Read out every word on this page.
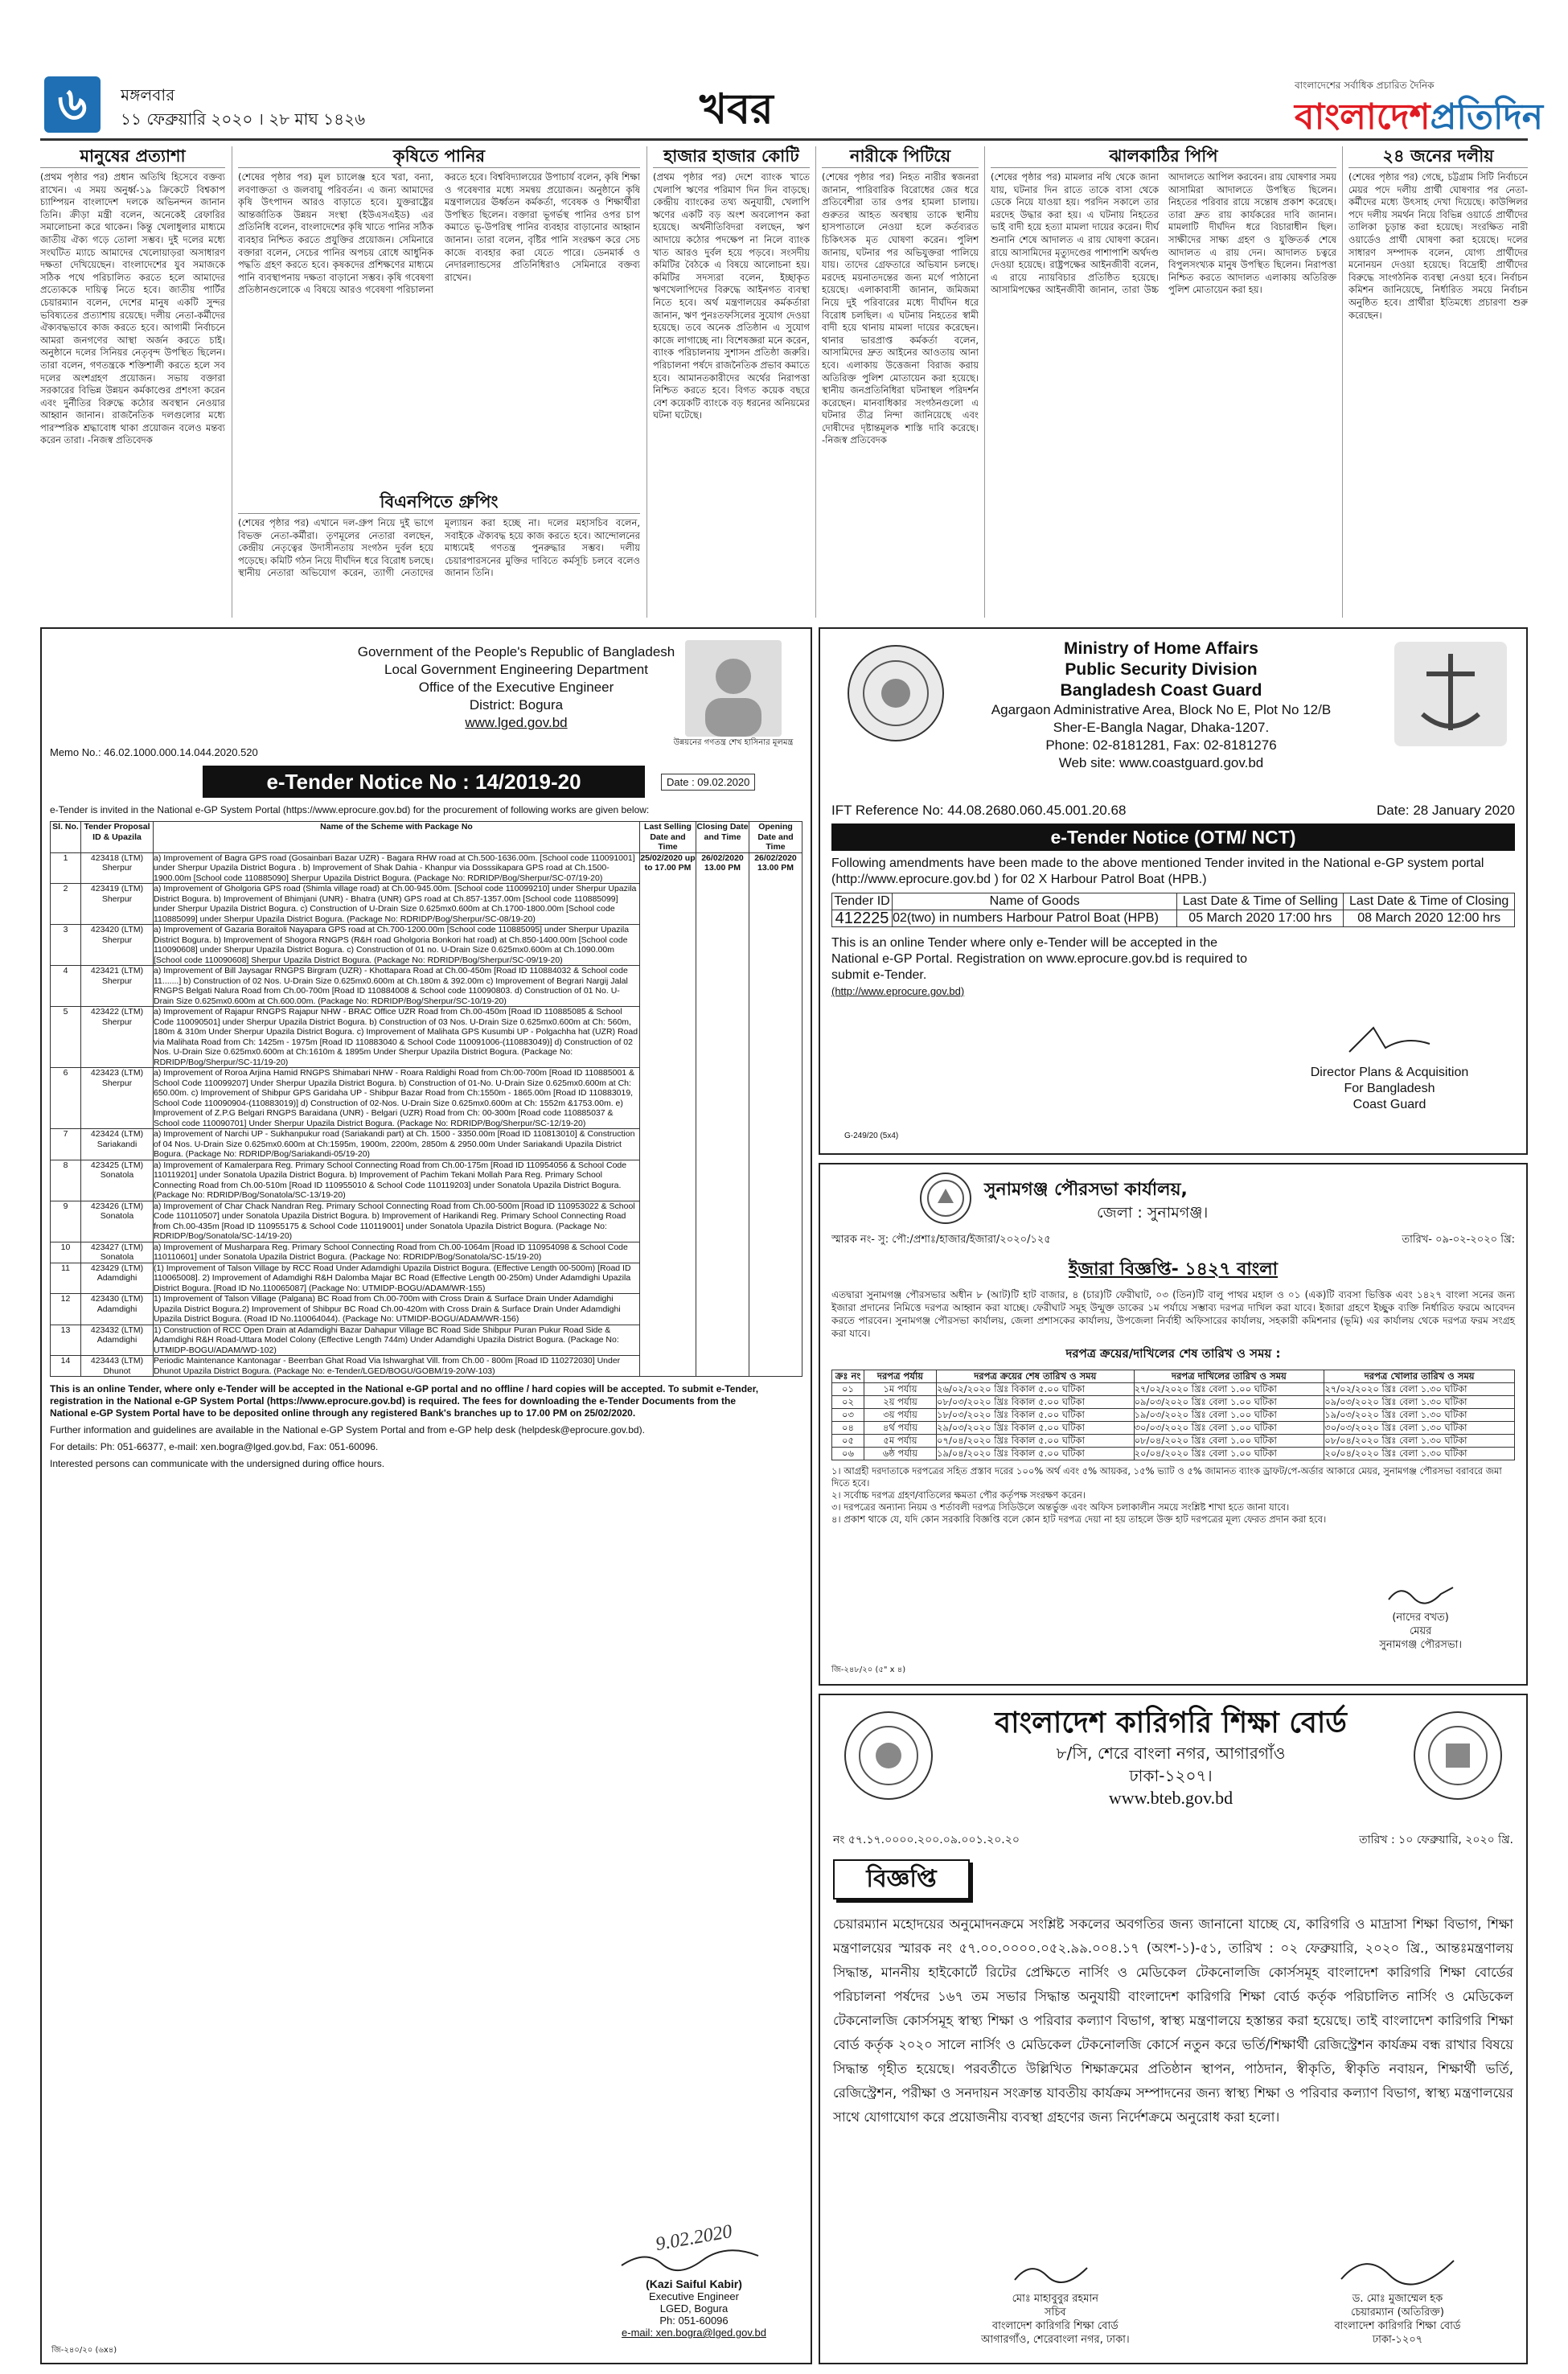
৬	মঙ্গলবার
১১ ফেব্রুয়ারি ২০২০ । ২৮ মাঘ ১৪২৬	খবর	বাংলাদেশের সর্বাধিক প্রচারিত দৈনিক
বাংলাদেশপ্রতিদিন
মানুষের প্রত্যাশা
(প্রথম পৃষ্ঠার পর) প্রধান অতিথি হিসেবে বক্তব্য রাখেন। এ সময় অনুর্ধ্ব-১৯ ক্রিকেটে বিশ্বকাপ চ্যাম্পিয়ন বাংলাদেশ দলকে অভিনন্দন জানান তিনি। ক্রীড়া মন্ত্রী বলেন, অনেকেই রেফারির সমালোচনা করে থাকেন। কিন্তু খেলাধুলার মাধ্যমে জাতীয় ঐক্য গড়ে তোলা সম্ভব। দুই দলের মধ্যে সংঘটিত ম্যাচে আমাদের খেলোয়াড়রা অসাধারণ দক্ষতা দেখিয়েছেন। বাংলাদেশের যুব সমাজকে সঠিক পথে পরিচালিত করতে হলে আমাদের প্রত্যেককে দায়িত্ব নিতে হবে। জাতীয় পার্টির চেয়ারম্যান বলেন, দেশের মানুষ একটি সুন্দর ভবিষ্যতের প্রত্যাশায় রয়েছে। দলীয় নেতা-কর্মীদের ঐক্যবদ্ধভাবে কাজ করতে হবে। আগামী নির্বাচনে আমরা জনগণের আস্থা অর্জন করতে চাই। অনুষ্ঠানে দলের সিনিয়র নেতৃবৃন্দ উপস্থিত ছিলেন। তারা বলেন, গণতন্ত্রকে শক্তিশালী করতে হলে সব দলের অংশগ্রহণ প্রয়োজন। সভায় বক্তারা সরকারের বিভিন্ন উন্নয়ন কর্মকাণ্ডের প্রশংসা করেন এবং দুর্নীতির বিরুদ্ধে কঠোর অবস্থান নেওয়ার আহ্বান জানান। রাজনৈতিক দলগুলোর মধ্যে পারস্পরিক শ্রদ্ধাবোধ থাকা প্রয়োজন বলেও মন্তব্য করেন তারা। -নিজস্ব প্রতিবেদক
কৃষিতে পানির
(শেষের পৃষ্ঠার পর) মূল চ্যালেঞ্জ হবে খরা, বন্যা, লবণাক্ততা ও জলবায়ু পরিবর্তন। এ জন্য আমাদের কৃষি উৎপাদন আরও বাড়াতে হবে। যুক্তরাষ্ট্রের আন্তর্জাতিক উন্নয়ন সংস্থা (ইউএসএইড) এর প্রতিনিধি বলেন, বাংলাদেশের কৃষি খাতে পানির সঠিক ব্যবহার নিশ্চিত করতে প্রযুক্তির প্রয়োজন। সেমিনারে বক্তারা বলেন, সেচের পানির অপচয় রোধে আধুনিক পদ্ধতি গ্রহণ করতে হবে। কৃষকদের প্রশিক্ষণের মাধ্যমে পানি ব্যবস্থাপনায় দক্ষতা বাড়ানো সম্ভব। কৃষি গবেষণা প্রতিষ্ঠানগুলোকে এ বিষয়ে আরও গবেষণা পরিচালনা করতে হবে। বিশ্ববিদ্যালয়ের উপাচার্য বলেন, কৃষি শিক্ষা ও গবেষণার মধ্যে সমন্বয় প্রয়োজন। অনুষ্ঠানে কৃষি মন্ত্রণালয়ের ঊর্ধ্বতন কর্মকর্তা, গবেষক ও শিক্ষার্থীরা উপস্থিত ছিলেন। বক্তারা ভূগর্ভস্থ পানির ওপর চাপ কমাতে ভূ-উপরিস্থ পানির ব্যবহার বাড়ানোর আহ্বান জানান। তারা বলেন, বৃষ্টির পানি সংরক্ষণ করে সেচ কাজে ব্যবহার করা যেতে পারে। ডেনমার্ক ও নেদারল্যান্ডসের প্রতিনিধিরাও সেমিনারে বক্তব্য রাখেন।
বিএনপিতে গ্রুপিং
(শেষের পৃষ্ঠার পর) এখানে দল-গ্রুপ নিয়ে দুই ভাগে বিভক্ত নেতা-কর্মীরা। তৃণমূলের নেতারা বলছেন, কেন্দ্রীয় নেতৃত্বের উদাসীনতায় সংগঠন দুর্বল হয়ে পড়েছে। কমিটি গঠন নিয়ে দীর্ঘদিন ধরে বিরোধ চলছে। স্থানীয় নেতারা অভিযোগ করেন, ত্যাগী নেতাদের মূল্যায়ন করা হচ্ছে না। দলের মহাসচিব বলেন, সবাইকে ঐক্যবদ্ধ হয়ে কাজ করতে হবে। আন্দোলনের মাধ্যমেই গণতন্ত্র পুনরুদ্ধার সম্ভব। দলীয় চেয়ারপারসনের মুক্তির দাবিতে কর্মসূচি চলবে বলেও জানান তিনি।
হাজার হাজার কোটি
(প্রথম পৃষ্ঠার পর) দেশে ব্যাংক খাতে খেলাপি ঋণের পরিমাণ দিন দিন বাড়ছে। কেন্দ্রীয় ব্যাংকের তথ্য অনুযায়ী, খেলাপি ঋণের একটি বড় অংশ অবলোপন করা হয়েছে। অর্থনীতিবিদরা বলছেন, ঋণ আদায়ে কঠোর পদক্ষেপ না নিলে ব্যাংক খাত আরও দুর্বল হয়ে পড়বে। সংসদীয় কমিটির বৈঠকে এ বিষয়ে আলোচনা হয়। কমিটির সদস্যরা বলেন, ইচ্ছাকৃত ঋণখেলাপিদের বিরুদ্ধে আইনগত ব্যবস্থা নিতে হবে। অর্থ মন্ত্রণালয়ের কর্মকর্তারা জানান, ঋণ পুনঃতফসিলের সুযোগ দেওয়া হয়েছে। তবে অনেক প্রতিষ্ঠান এ সুযোগ কাজে লাগাচ্ছে না। বিশেষজ্ঞরা মনে করেন, ব্যাংক পরিচালনায় সুশাসন প্রতিষ্ঠা জরুরি। পরিচালনা পর্ষদে রাজনৈতিক প্রভাব কমাতে হবে। আমানতকারীদের অর্থের নিরাপত্তা নিশ্চিত করতে হবে। বিগত কয়েক বছরে বেশ কয়েকটি ব্যাংকে বড় ধরনের অনিয়মের ঘটনা ঘটেছে।
নারীকে পিটিয়ে
(শেষের পৃষ্ঠার পর) নিহত নারীর স্বজনরা জানান, পারিবারিক বিরোধের জের ধরে প্রতিবেশীরা তার ওপর হামলা চালায়। গুরুতর আহত অবস্থায় তাকে স্থানীয় হাসপাতালে নেওয়া হলে কর্তব্যরত চিকিৎসক মৃত ঘোষণা করেন। পুলিশ জানায়, ঘটনার পর অভিযুক্তরা পালিয়ে যায়। তাদের গ্রেফতারে অভিযান চলছে। মরদেহ ময়নাতদন্তের জন্য মর্গে পাঠানো হয়েছে। এলাকাবাসী জানান, জমিজমা নিয়ে দুই পরিবারের মধ্যে দীর্ঘদিন ধরে বিরোধ চলছিল। এ ঘটনায় নিহতের স্বামী বাদী হয়ে থানায় মামলা দায়ের করেছেন। থানার ভারপ্রাপ্ত কর্মকর্তা বলেন, আসামিদের দ্রুত আইনের আওতায় আনা হবে। এলাকায় উত্তেজনা বিরাজ করায় অতিরিক্ত পুলিশ মোতায়েন করা হয়েছে। স্থানীয় জনপ্রতিনিধিরা ঘটনাস্থল পরিদর্শন করেছেন। মানবাধিকার সংগঠনগুলো এ ঘটনার তীব্র নিন্দা জানিয়েছে এবং দোষীদের দৃষ্টান্তমূলক শাস্তি দাবি করেছে। -নিজস্ব প্রতিবেদক
ঝালকাঠির পিপি
(শেষের পৃষ্ঠার পর) মামলার নথি থেকে জানা যায়, ঘটনার দিন রাতে তাকে বাসা থেকে ডেকে নিয়ে যাওয়া হয়। পরদিন সকালে তার মরদেহ উদ্ধার করা হয়। এ ঘটনায় নিহতের ভাই বাদী হয়ে হত্যা মামলা দায়ের করেন। দীর্ঘ শুনানি শেষে আদালত এ রায় ঘোষণা করেন। রায়ে আসামিদের মৃত্যুদণ্ডের পাশাপাশি অর্থদণ্ড দেওয়া হয়েছে। রাষ্ট্রপক্ষের আইনজীবী বলেন, এ রায়ে ন্যায়বিচার প্রতিষ্ঠিত হয়েছে। আসামিপক্ষের আইনজীবী জানান, তারা উচ্চ আদালতে আপিল করবেন। রায় ঘোষণার সময় আসামিরা আদালতে উপস্থিত ছিলেন। নিহতের পরিবার রায়ে সন্তোষ প্রকাশ করেছে। তারা দ্রুত রায় কার্যকরের দাবি জানান। মামলাটি দীর্ঘদিন ধরে বিচারাধীন ছিল। সাক্ষীদের সাক্ষ্য গ্রহণ ও যুক্তিতর্ক শেষে আদালত এ রায় দেন। আদালত চত্বরে বিপুলসংখ্যক মানুষ উপস্থিত ছিলেন। নিরাপত্তা নিশ্চিত করতে আদালত এলাকায় অতিরিক্ত পুলিশ মোতায়েন করা হয়।
২৪ জনের দলীয়
(শেষের পৃষ্ঠার পর) গেছে, চট্টগ্রাম সিটি নির্বাচনে মেয়র পদে দলীয় প্রার্থী ঘোষণার পর নেতা-কর্মীদের মধ্যে উৎসাহ দেখা দিয়েছে। কাউন্সিলর পদে দলীয় সমর্থন নিয়ে বিভিন্ন ওয়ার্ডে প্রার্থীদের তালিকা চূড়ান্ত করা হয়েছে। সংরক্ষিত নারী ওয়ার্ডেও প্রার্থী ঘোষণা করা হয়েছে। দলের সাধারণ সম্পাদক বলেন, যোগ্য প্রার্থীদের মনোনয়ন দেওয়া হয়েছে। বিদ্রোহী প্রার্থীদের বিরুদ্ধে সাংগঠনিক ব্যবস্থা নেওয়া হবে। নির্বাচন কমিশন জানিয়েছে, নির্ধারিত সময়ে নির্বাচন অনুষ্ঠিত হবে। প্রার্থীরা ইতিমধ্যে প্রচারণা শুরু করেছেন।
Government of the People's Republic of Bangladesh
Local Government Engineering Department
Office of the Executive Engineer
District: Bogura
www.lged.gov.bd
উন্নয়নের গণতন্ত্র শেখ হাসিনার মূলমন্ত্র
Memo No.: 46.02.1000.000.14.044.2020.520
e-Tender Notice No : 14/2019-20	Date : 09.02.2020
e-Tender is invited in the National e-GP System Portal (https://www.eprocure.gov.bd) for the procurement of following works are given below:
Sl. No.	Tender Proposal ID & Upazila	Name of the Scheme with Package No	Last Selling Date and Time	Closing Date and Time	Opening Date and Time
1	423418 (LTM) Sherpur	a) Improvement of Bagra GPS road (Gosainbari Bazar UZR) - Bagara RHW road at Ch.500-1636.00m. [School code 110091001] under Sherpur Upazila District Bogura . b) Improvement of Shak Dahia - Khanpur via Dosssikapara GPS road at Ch.1500-1900.00m [School code 110885090] Sherpur Upazila District Bogura. (Package No: RDRIDP/Bog/Sherpur/SC-07/19-20)	25/02/2020 up to 17.00 PM	26/02/2020 13.00 PM	26/02/2020 13.00 PM
2	423419 (LTM) Sherpur	a) Improvement of Gholgoria GPS road (Shimla village road) at Ch.00-945.00m. [School code 110099210] under Sherpur Upazila District Bogura. b) Improvement of Bhimjani (UNR) - Bhatra (UNR) GPS road at Ch.857-1357.00m [School code 110885099] under Sherpur Upazila District Bogura. c) Construction of U-Drain Size 0.625mx0.600m at Ch.1700-1800.00m [School code 110885099] under Sherpur Upazila District Bogura. (Package No: RDRIDP/Bog/Sherpur/SC-08/19-20)			
3	423420 (LTM) Sherpur	a) Improvement of Gazaria Boraitoli Nayapara GPS road at Ch.700-1200.00m [School code 110885095] under Sherpur Upazila District Bogura. b) Improvement of Shogora RNGPS (R&H road Gholgoria Bonkori hat road) at Ch.850-1400.00m [School code 110090608] under Sherpur Upazila District Bogura. c) Construction of 01 no. U-Drain Size 0.625mx0.600m at Ch.1090.00m [School code 110090608] Sherpur Upazila District Bogura. (Package No: RDRIDP/Bog/Sherpur/SC-09/19-20)			
4	423421 (LTM) Sherpur	a) Improvement of Bill Jaysagar RNGPS Birgram (UZR) - Khottapara Road at Ch.00-450m [Road ID 110884032 & School code 11.......] b) Construction of 02 Nos. U-Drain Size 0.625mx0.600m at Ch.180m & 392.00m c) Improvement of Begrari Nargij Jalal RNGPS Belgati Nalura Road from Ch.00-700m [Road ID 110884008 & School code 110090803. d) Construction of 01 No. U-Drain Size 0.625mx0.600m at Ch.600.00m. (Package No: RDRIDP/Bog/Sherpur/SC-10/19-20)			
5	423422 (LTM) Sherpur	a) Improvement of Rajapur RNGPS Rajapur NHW - BRAC Office UZR Road from Ch.00-450m [Road ID 110885085 & School Code 110090501] under Sherpur Upazila District Bogura. b) Construction of 03 Nos. U-Drain Size 0.625mx0.600m at Ch: 560m, 180m & 310m Under Sherpur Upazila District Bogura. c) Improvement of Malihata GPS Kusumbi UP - Polgachha hat (UZR) Road via Malihata Road from Ch: 1425m - 1975m [Road ID 110883040 & School Code 110091006-(110883049)] d) Construction of 02 Nos. U-Drain Size 0.625mx0.600m at Ch:1610m & 1895m Under Sherpur Upazila District Bogura. (Package No: RDRIDP/Bog/Sherpur/SC-11/19-20)			
6	423423 (LTM) Sherpur	a) Improvement of Roroa Arjina Hamid RNGPS Shimabari NHW - Roara Raldighi Road from Ch:00-700m [Road ID 110885001 & School Code 110099207] Under Sherpur Upazila District Bogura. b) Construction of 01-No. U-Drain Size 0.625mx0.600m at Ch: 650.00m. c) Improvement of Shibpur GPS Garidaha UP - Shibpur Bazar Road from Ch:1550m - 1865.00m [Road ID 110883019, School Code 110090904-(110883019)] d) Construction of 02-Nos. U-Drain Size 0.625mx0.600m at Ch: 1552m &1753.00m. e) Improvement of Z.P.G Belgari RNGPS Baraidana (UNR) - Belgari (UZR) Road from Ch: 00-300m [Road code 110885037 & School code 110090701] Under Sherpur Upazila District Bogura. (Package No: RDRIDP/Bog/Sherpur/SC-12/19-20)			
7	423424 (LTM) Sariakandi	a) Improvement of Narchi UP - Sukhanpukur road (Sariakandi part) at Ch. 1500 - 3350.00m [Road ID 110813010] & Construction of 04 Nos. U-Drain Size 0.625mx0.600m at Ch:1595m, 1900m, 2200m, 2850m & 2950.00m Under Sariakandi Upazila District Bogura. (Package No: RDRIDP/Bog/Sariakandi-05/19-20)			
8	423425 (LTM) Sonatola	a) Improvement of Kamalerpara Reg. Primary School Connecting Road from Ch.00-175m [Road ID 110954056 & School Code 110119201] under Sonatola Upazila District Bogura. b) Improvement of Pachim Tekani Mollah Para Reg. Primary School Connecting Road from Ch.00-510m [Road ID 110955010 & School Code 110119203] under Sonatola Upazila District Bogura. (Package No: RDRIDP/Bog/Sonatola/SC-13/19-20)			
9	423426 (LTM) Sonatola	a) Improvement of Char Chack Nandran Reg. Primary School Connecting Road from Ch.00-500m [Road ID 110953022 & School Code 110110507] under Sonatola Upazila District Bogura. b) Improvement of Harikandi Reg. Primary School Connecting Road from Ch.00-435m [Road ID 110955175 & School Code 110119001] under Sonatola Upazila District Bogura. (Package No: RDRIDP/Bog/Sonatola/SC-14/19-20)			
10	423427 (LTM) Sonatola	a) Improvement of Musharpara Reg. Primary School Connecting Road from Ch.00-1064m [Road ID 110954098 & School Code 110110601] under Sonatola Upazila District Bogura. (Package No: RDRIDP/Bog/Sonatola/SC-15/19-20)			
11	423429 (LTM) Adamdighi	(1) Improvement of Talson Village by RCC Road Under Adamdighi Upazila District Bogura. (Effective Length 00-500m) [Road ID 110065008]. 2) Improvement of Adamdighi R&H Dalomba Majar BC Road (Effective Length 00-250m) Under Adamdighi Upazila District Bogura. [Road ID No.110065087] (Package No: UTMIDP-BOGU/ADAM/WR-155)			
12	423430 (LTM) Adamdighi	1) Improvement of Talson Village (Palgana) BC Road from Ch.00-700m with Cross Drain & Surface Drain Under Adamdighi Upazila District Bogura.2) Improvement of Shibpur BC Road Ch.00-420m with Cross Drain & Surface Drain Under Adamdighi Upazila District Bogura. (Road ID No.110064044). (Package No: UTMIDP-BOGU/ADAM/WR-156)			
13	423432 (LTM) Adamdighi	1) Construction of RCC Open Drain at Adamdighi Bazar Dahapur Village BC Road Side Shibpur Puran Pukur Road Side & Adamdighi R&H Road-Uttara Model Colony (Effective Length 744m) Under Adamdighi Upazila District Bogura. (Package No: UTMIDP-BOGU/ADAM/WD-102)			
14	423443 (LTM) Dhunot	Periodic Maintenance Kantonagar - Beerrban Ghat Road Via Ishwarghat Vill. from Ch.00 - 800m [Road ID 110272030] Under Dhunot Upazila District Bogura. (Package No: e-Tender/LGED/BOGU/GOBM/19-20/W-103)			
This is an online Tender, where only e-Tender will be accepted in the National e-GP portal and no offline / hard copies will be accepted. To submit e-Tender, registration in the National e-GP System Portal (https://www.eprocure.gov.bd) is required. The fees for downloading the e-Tender Documents from the National e-GP System Portal have to be deposited online through any registered Bank's branches up to 17.00 PM on 25/02/2020.
Further information and guidelines are available in the National e-GP System Portal and from e-GP help desk (helpdesk@eprocure.gov.bd).
For details: Ph: 051-66377, e-mail: xen.bogra@lged.gov.bd, Fax: 051-60096.
Interested persons can communicate with the undersigned during office hours.
9.02.2020
(Kazi Saiful Kabir)
Executive Engineer
LGED, Bogura
Ph: 051-60096
e-mail: xen.bogra@lged.gov.bd
জি-২৪০/২০ (৬x৪)
Ministry of Home Affairs
Public Security Division
Bangladesh Coast Guard
Agargaon Administrative Area, Block No E, Plot No 12/B
Sher-E-Bangla Nagar, Dhaka-1207.
Phone: 02-8181281, Fax: 02-8181276
Web site: www.coastguard.gov.bd
IFT Reference No: 44.08.2680.060.45.001.20.68	Date: 28 January 2020
e-Tender Notice (OTM/ NCT)
Following amendments have been made to the above mentioned Tender invited in the National e-GP system portal (http://www.eprocure.gov.bd ) for 02 X Harbour Patrol Boat (HPB.)
Tender ID	Name of Goods	Last Date & Time of Selling	Last Date & Time of Closing
412225	02(two) in numbers Harbour Patrol Boat (HPB)	05 March 2020 17:00 hrs	08 March 2020 12:00 hrs
This is an online Tender where only e-Tender will be accepted in the National e-GP Portal. Registration on www.eprocure.gov.bd is required to submit e-Tender.
(http://www.eprocure.gov.bd)
Director Plans & Acquisition
For Bangladesh
Coast Guard
G-249/20 (5x4)
সুনামগঞ্জ পৌরসভা কার্যালয়,
জেলা : সুনামগঞ্জ।
স্মারক নং- সু: পৌ:/প্রশাঃ/হাজার/ইজারা/২০২০/১২৫	তারিখ- ০৯-০২-২০২০ খ্রি:
ইজারা বিজ্ঞপ্তি- ১৪২৭ বাংলা
এতদ্বারা সুনামগঞ্জ পৌরসভার অধীন ৮ (আট)টি হাট বাজার, ৪ (চার)টি ফেরীঘাট, ০৩ (তিন)টি বালু পাথর মহাল ও ০১ (এক)টি ব্যবসা ভিত্তিক এবং ১৪২৭ বাংলা সনের জন্য ইজারা প্রদানের নিমিত্তে দরপত্র আহ্বান করা যাচ্ছে। ফেরীঘাট সমূহ উন্মুক্ত ডাকের ১ম পর্যায়ে সম্ভাব্য দরপত্র দাখিল করা যাবে। ইজারা গ্রহণে ইচ্ছুক ব্যক্তি নির্ধারিত ফরমে আবেদন করতে পারবেন। সুনামগঞ্জ পৌরসভা কার্যালয়, জেলা প্রশাসকের কার্যালয়, উপজেলা নির্বাহী অফিসারের কার্যালয়, সহকারী কমিশনার (ভূমি) এর কার্যালয় থেকে দরপত্র ফরম সংগ্রহ করা যাবে।
দরপত্র ক্রয়ের/দাখিলের শেষ তারিখ ও সময় :
ক্রঃ নং	দরপত্র পর্যায়	দরপত্র ক্রয়ের শেষ তারিখ ও সময়	দরপত্র দাখিলের তারিখ ও সময়	দরপত্র খোলার তারিখ ও সময়
০১	১ম পর্যায়	২৬/০২/২০২০ খ্রিঃ বিকাল ৫.০০ ঘটিকা	২৭/০২/২০২০ খ্রিঃ বেলা ১.০০ ঘটিকা	২৭/০২/২০২০ খ্রিঃ বেলা ১.৩০ ঘটিকা
০২	২য় পর্যায়	০৮/০৩/২০২০ খ্রিঃ বিকাল ৫.০০ ঘটিকা	০৯/০৩/২০২০ খ্রিঃ বেলা ১.০০ ঘটিকা	০৯/০৩/২০২০ খ্রিঃ বেলা ১.৩০ ঘটিকা
০৩	৩য় পর্যায়	১৮/০৩/২০২০ খ্রিঃ বিকাল ৫.০০ ঘটিকা	১৯/০৩/২০২০ খ্রিঃ বেলা ১.০০ ঘটিকা	১৯/০৩/২০২০ খ্রিঃ বেলা ১.৩০ ঘটিকা
০৪	৪র্থ পর্যায়	২৯/০৩/২০২০ খ্রিঃ বিকাল ৫.০০ ঘটিকা	৩০/০৩/২০২০ খ্রিঃ বেলা ১.০০ ঘটিকা	৩০/০৩/২০২০ খ্রিঃ বেলা ১.৩০ ঘটিকা
০৫	৫ম পর্যায়	০৭/০৪/২০২০ খ্রিঃ বিকাল ৫.০০ ঘটিকা	০৮/০৪/২০২০ খ্রিঃ বেলা ১.০০ ঘটিকা	০৮/০৪/২০২০ খ্রিঃ বেলা ১.৩০ ঘটিকা
০৬	৬ষ্ঠ পর্যায়	১৯/০৪/২০২০ খ্রিঃ বিকাল ৫.০০ ঘটিকা	২০/০৪/২০২০ খ্রিঃ বেলা ১.০০ ঘটিকা	২০/০৪/২০২০ খ্রিঃ বেলা ১.৩০ ঘটিকা
১। আগ্রহী দরদাতাকে দরপত্রের সহিত প্রস্তাব দরের ১০০% অর্থ এবং ৫% আয়কর, ১৫% ভ্যাট ও ৫% জামানত ব্যাংক ড্রাফট/পে-অর্ডার আকারে মেয়র, সুনামগঞ্জ পৌরসভা বরাবরে জমা দিতে হবে।
২। সর্বোচ্চ দরপত্র গ্রহণ/বাতিলের ক্ষমতা পৌর কর্তৃপক্ষ সংরক্ষণ করেন।
৩। দরপত্রের অন্যান্য নিয়ম ও শর্তাবলী দরপত্র সিডিউলে অন্তর্ভুক্ত এবং অফিস চলাকালীন সময়ে সংশ্লিষ্ট শাখা হতে জানা যাবে।
৪। প্রকাশ থাকে যে, যদি কোন সরকারি বিজ্ঞপ্তি বলে কোন হাট দরপত্র দেয়া না হয় তাহলে উক্ত হাট দরপত্রের মূল্য ফেরত প্রদান করা হবে।
(নাদের বখত)
মেয়র
সুনামগঞ্জ পৌরসভা।
জি-২৪৮/২০ (৫" x ৪)
বাংলাদেশ কারিগরি শিক্ষা বোর্ড
৮/সি, শেরে বাংলা নগর, আগারগাঁও
ঢাকা-১২০৭।
www.bteb.gov.bd
নং ৫৭.১৭.০০০০.২০০.০৯.০০১.২০.২০	তারিখ : ১০ ফেব্রুয়ারি, ২০২০ খ্রি.
বিজ্ঞপ্তি
চেয়ারম্যান মহোদয়ের অনুমোদনক্রমে সংশ্লিষ্ট সকলের অবগতির জন্য জানানো যাচ্ছে যে, কারিগরি ও মাদ্রাসা শিক্ষা বিভাগ, শিক্ষা মন্ত্রণালয়ের স্মারক নং ৫৭.০০.০০০০.০৫২.৯৯.০০৪.১৭ (অংশ-১)-৫১, তারিখ : ০২ ফেব্রুয়ারি, ২০২০ খ্রি., আন্তঃমন্ত্রণালয় সিদ্ধান্ত, মাননীয় হাইকোর্টে রিটের প্রেক্ষিতে নার্সিং ও মেডিকেল টেকনোলজি কোর্সসমূহ বাংলাদেশ কারিগরি শিক্ষা বোর্ডের পরিচালনা পর্ষদের ১৬৭ তম সভার সিদ্ধান্ত অনুযায়ী বাংলাদেশ কারিগরি শিক্ষা বোর্ড কর্তৃক পরিচালিত নার্সিং ও মেডিকেল টেকনোলজি কোর্সসমূহ স্বাস্থ্য শিক্ষা ও পরিবার কল্যাণ বিভাগ, স্বাস্থ্য মন্ত্রণালয়ে হস্তান্তর করা হয়েছে। তাই বাংলাদেশ কারিগরি শিক্ষা বোর্ড কর্তৃক ২০২০ সালে নার্সিং ও মেডিকেল টেকনোলজি কোর্সে নতুন করে ভর্তি/শিক্ষার্থী রেজিস্ট্রেশন কার্যক্রম বন্ধ রাখার বিষয়ে সিদ্ধান্ত গৃহীত হয়েছে। পরবর্তীতে উল্লিখিত শিক্ষাক্রমের প্রতিষ্ঠান স্থাপন, পাঠদান, স্বীকৃতি, স্বীকৃতি নবায়ন, শিক্ষার্থী ভর্তি, রেজিস্ট্রেশন, পরীক্ষা ও সনদায়ন সংক্রান্ত যাবতীয় কার্যক্রম সম্পাদনের জন্য স্বাস্থ্য শিক্ষা ও পরিবার কল্যাণ বিভাগ, স্বাস্থ্য মন্ত্রণালয়ের সাথে যোগাযোগ করে প্রয়োজনীয় ব্যবস্থা গ্রহণের জন্য নির্দেশক্রমে অনুরোধ করা হলো।
মোঃ মাহাবুবুর রহমান
সচিব
বাংলাদেশ কারিগরি শিক্ষা বোর্ড
আগারগাঁও, শেরেবাংলা নগর, ঢাকা।
ড. মোঃ মুজাম্মেল হক
চেয়ারম্যান (অতিরিক্ত)
বাংলাদেশ কারিগরি শিক্ষা বোর্ড
ঢাকা-১২০৭
